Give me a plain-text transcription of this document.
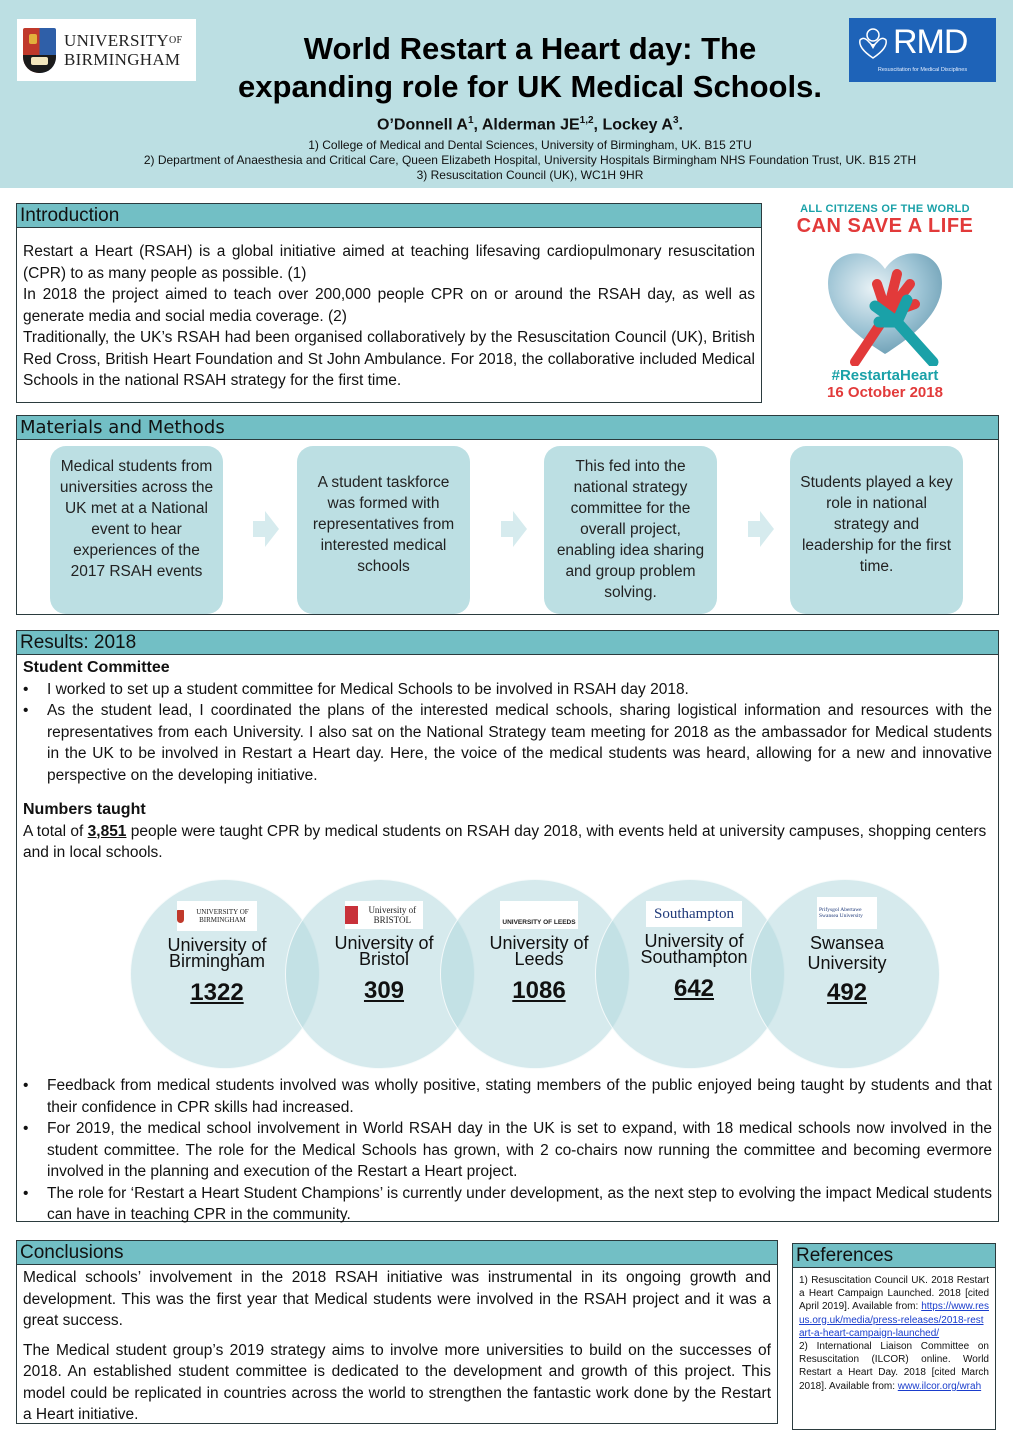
$UNIVERSITY^{OF}$
BIRMINGHAM	World Restart a Heart day: The
expanding role for UK Medical Schools.
O’Donnell $A^1$, Alderman JE$^{1,2}$, Lockey $A^3$.
1) College of Medical and Dental Sciences, University of Birmingham, UK. B15 2TU
2) Department of Anaesthesia and Critical Care, Queen Elizabeth Hospital, University Hospitals Birmingham NHS Foundation Trust, UK. B15 2TH
3) Resuscitation Council (UK), WC1H 9HR
RMD
Resuscitation for Medical Disciplines
Introduction

Restart a Heart (RSAH) is a global initiative aimed at teaching lifesaving cardiopulmonary resuscitation (CPR) to as many people as possible. (1)

In 2018 the project aimed to teach over 200,000 people CPR on or around the RSAH day, as well as generate media and social media coverage. (2)

Traditionally, the UK’s RSAH had been organised collaboratively by the Resuscitation Council (UK), British Red Cross, British Heart Foundation and St John Ambulance. For 2018, the collaborative included Medical Schools in the national RSAH strategy for the first time.

ALL CITIZENS OF THE WORLD
CAN SAVE A LIFE
#RestartaHeart
16 October 2018
Materials and Methods
Medical students from universities across the UK met at a National event to hear experiences of the 2017 RSAH events
A student taskforce was formed with representatives from interested medical schools
This fed into the national strategy committee for the overall project, enabling idea sharing and group problem solving.
Students played a key role in national strategy and leadership for the first time.
Results: 2018
Student Committee
• I worked to set up a student committee for Medical Schools to be involved in RSAH day 2018.
• As the student lead, I coordinated the plans of the interested medical schools, sharing logistical information and resources with the representatives from each University. I also sat on the National Strategy team meeting for 2018 as the ambassador for Medical students in the UK to be involved in Restart a Heart day. Here, the voice of the medical students was heard, allowing for a new and innovative perspective on the developing initiative.
Numbers taught

A total of 3,851 people were taught CPR by medical students on RSAH day 2018, with events held at university campuses, shopping centers and in local schools.

UNIVERSITY OF BIRMINGHAM
University of
Birmingham
1322
University of BRISTOL
University of
Bristol
309
UNIVERSITY OF LEEDS
University of
Leeds
1086
Southampton
University of
Southampton
642
Prifysgol Abertawe Swansea University
Swansea
University
492
• Feedback from medical students involved was wholly positive, stating members of the public enjoyed being taught by students and that their confidence in CPR skills had increased.
• For 2019, the medical school involvement in World RSAH day in the UK is set to expand, with 18 medical schools now involved in the student committee. The role for the Medical Schools has grown, with 2 co-chairs now running the committee and becoming evermore involved in the planning and execution of the Restart a Heart project.
• The role for ‘Restart a Heart Student Champions’ is currently under development, as the next step to evolving the impact Medical students can have in teaching CPR in the community.
Conclusions

Medical schools’ involvement in the 2018 RSAH initiative was instrumental in its ongoing growth and development. This was the first year that Medical students were involved in the RSAH project and it was a great success.

The Medical student group’s 2019 strategy aims to involve more universities to build on the successes of 2018. An established student committee is dedicated to the development and growth of this project. This model could be replicated in countries across the world to strengthen the fantastic work done by the Restart a Heart initiative.

References

1) Resuscitation Council UK. 2018 Restart a Heart Campaign Launched. 2018 [cited April 2019]. Available from: https://www.resus.org.uk/media/press-releases/2018-restart-a-heart-campaign-launched/

2) International Liaison Committee on Resuscitation (ILCOR) online. World Restart a Heart Day. 2018 [cited March 2018]. Available from: www.ilcor.org/wrah
